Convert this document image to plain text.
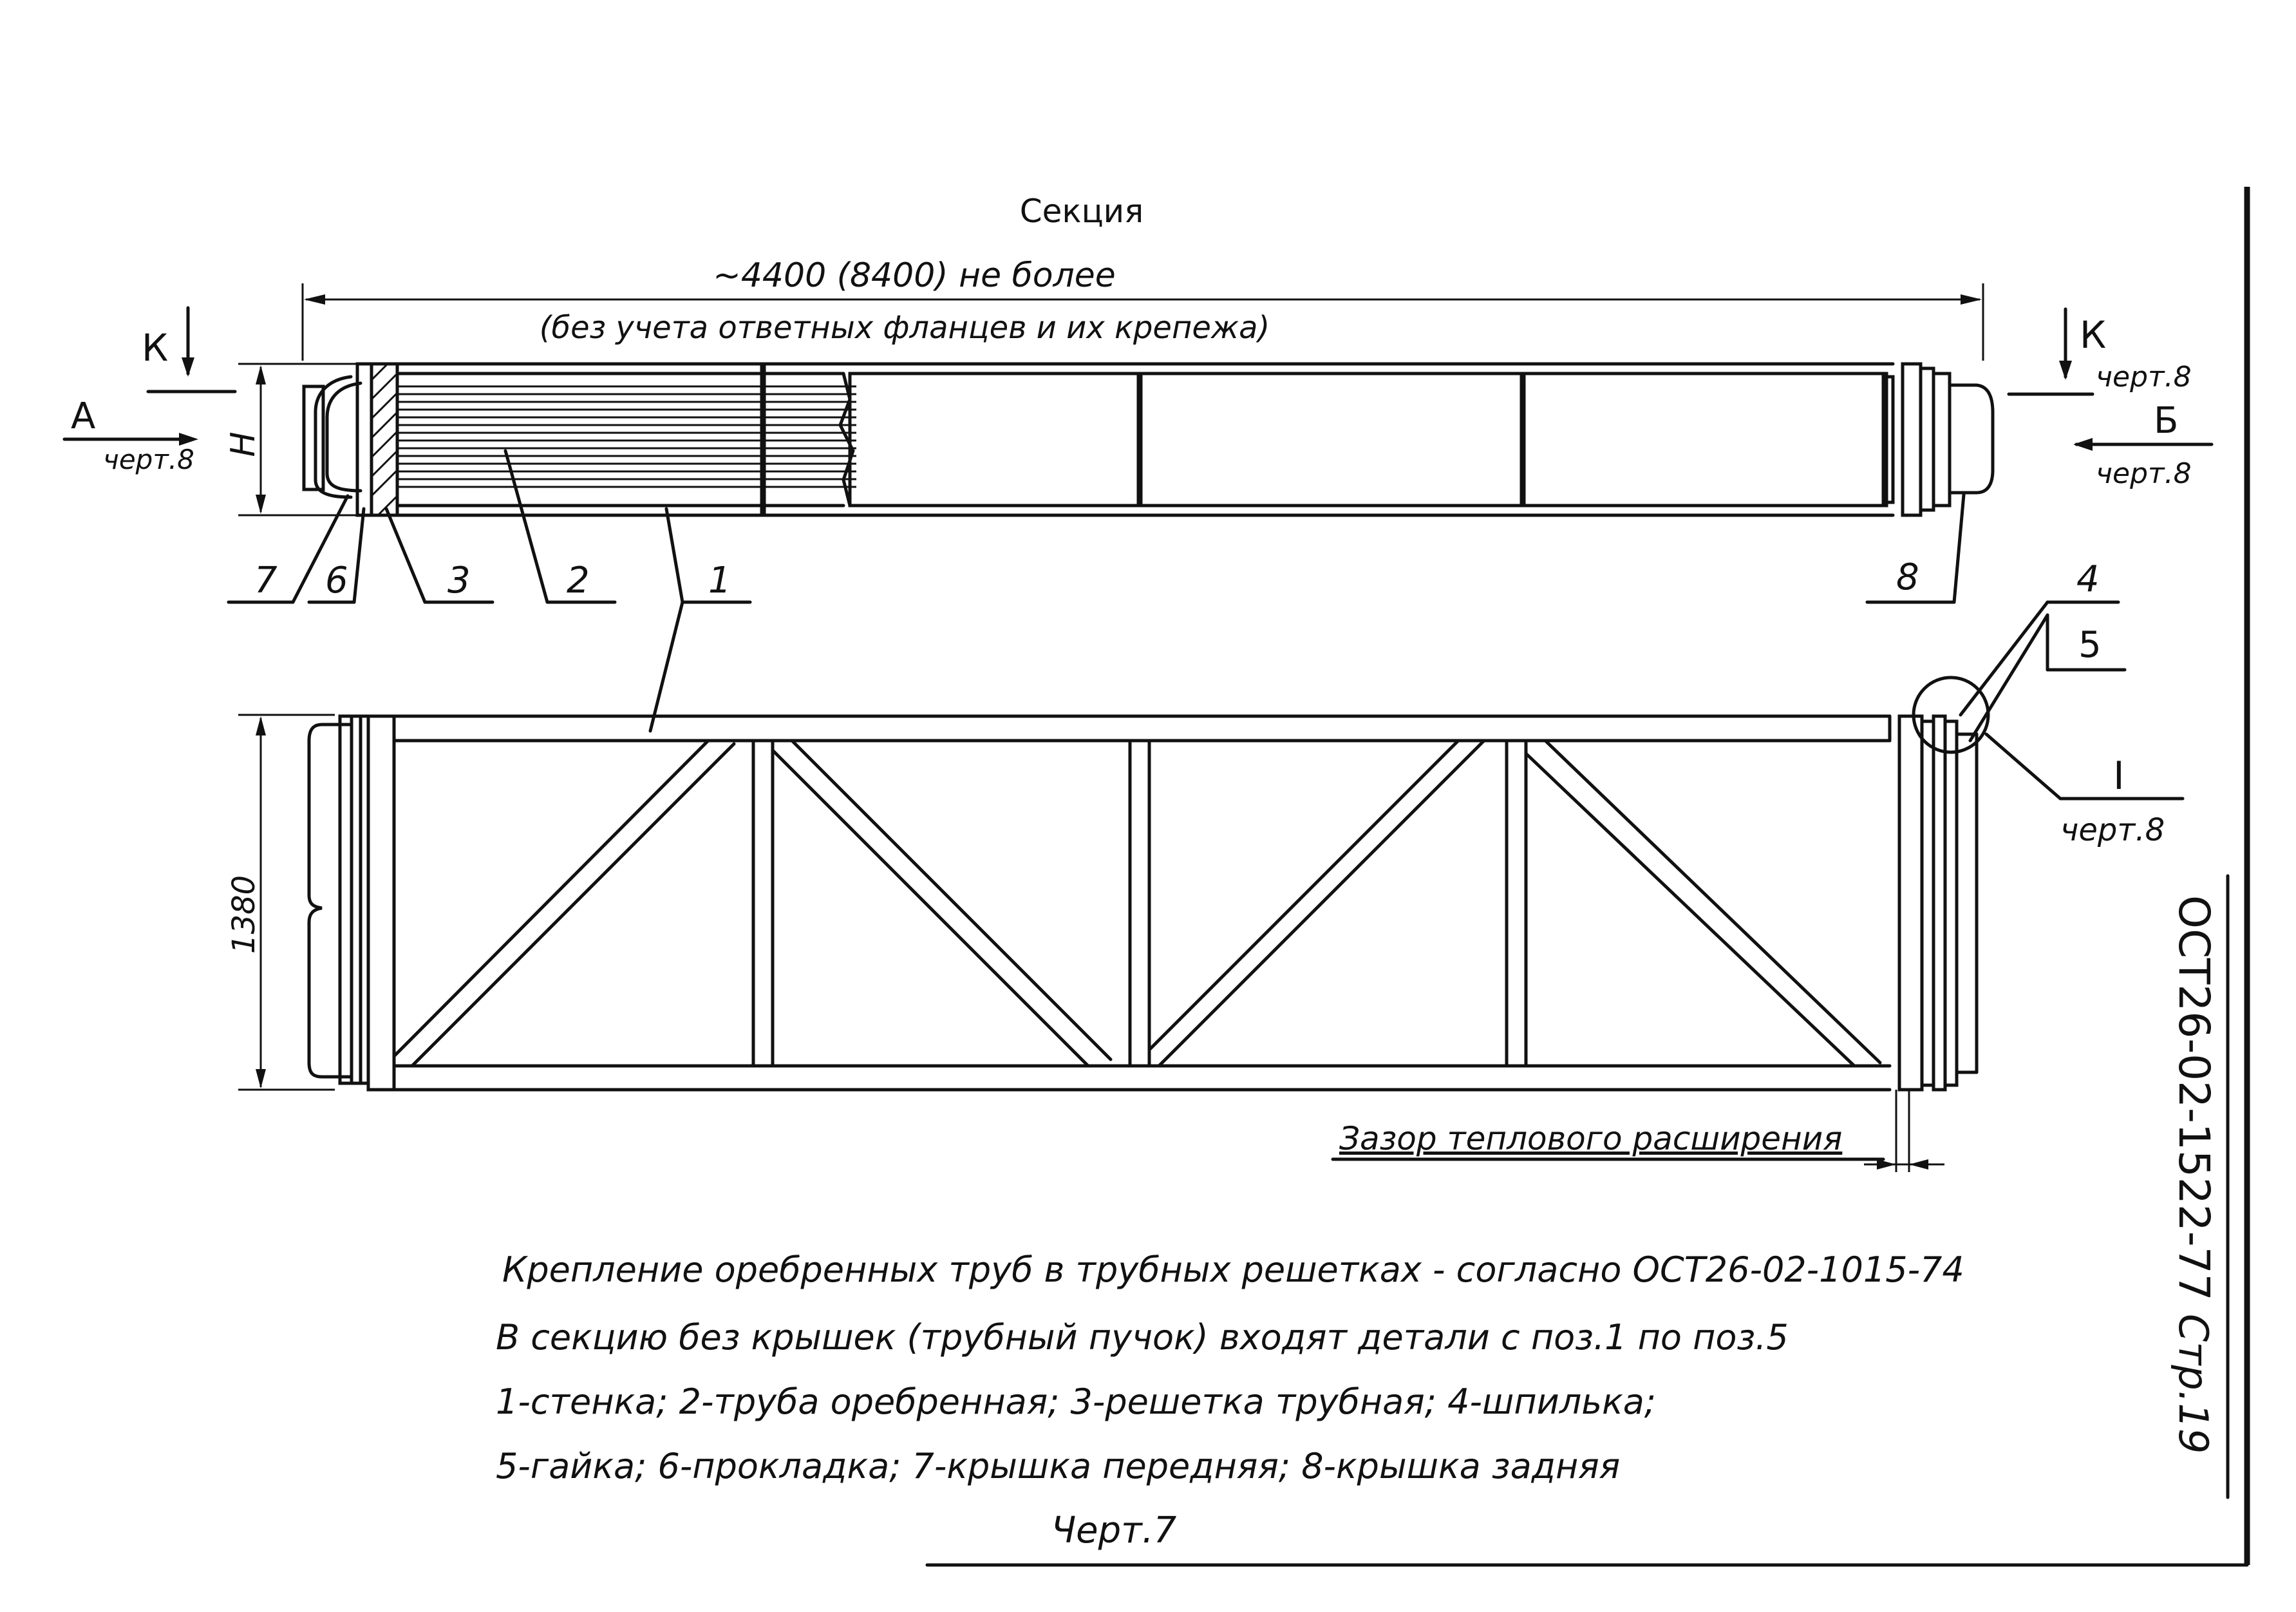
Секция
~4400 (8400) не более
(без учета ответных фланцев и их крепежа)
К	К
черт.8
А
черт.8
Б
черт.8
Н
7 6	3	2	1	8
1380
Зазор теплового расширения
4
5
I
черт.8
Крепление оребренных труб в трубных решетках - согласно ОСТ26-02-1015-74
В секцию без крышек (трубный пучок) входят детали с поз.1 по поз.5
1-стенка; 2-труба оребренная; 3-решетка трубная; 4-шпилька;
5-гайка; 6-прокладка; 7-крышка передняя; 8-крышка задняя
Черт.7
ОСТ26-02-1522-77
Стр.19
